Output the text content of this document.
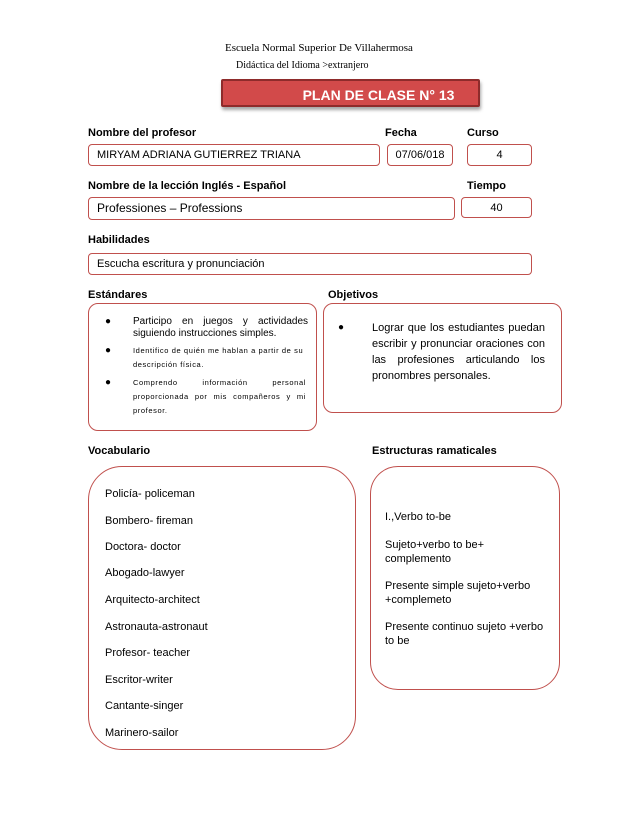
Escuela Normal Superior De Villahermosa
Didáctica del Idioma >extranjero
PLAN DE CLASE N° 13
Nombre del profesor	Fecha	Curso
MIRYAM ADRIANA GUTIERREZ TRIANA	07/06/018	4
Nombre de la lección Inglés - Español	Tiempo
Professiones – Professions	40
Habilidades
Escucha escritura y pronunciación
Estándares	Objetivos
● Participo en juegos y actividades siguiendo instrucciones simples.
●	Identifico de quién me hablan a partir de su descripción física.
●	Comprendo información personal proporcionada por mis compañeros y mi profesor.
●	Lograr que los estudiantes puedan escribir y pronunciar oraciones con las profesiones articulando los pronombres personales.
Vocabulario	Estructuras ramaticales
Policía- policeman
Bombero- fireman
Doctora- doctor
Abogado-lawyer
Arquitecto-architect
Astronauta-astronaut
Profesor- teacher
Escritor-writer
Cantante-singer
Marinero-sailor
I.,Verbo to-be
Sujeto+verbo to be+ complemento
Presente simple sujeto+verbo +complemeto
Presente continuo sujeto +verbo to be
